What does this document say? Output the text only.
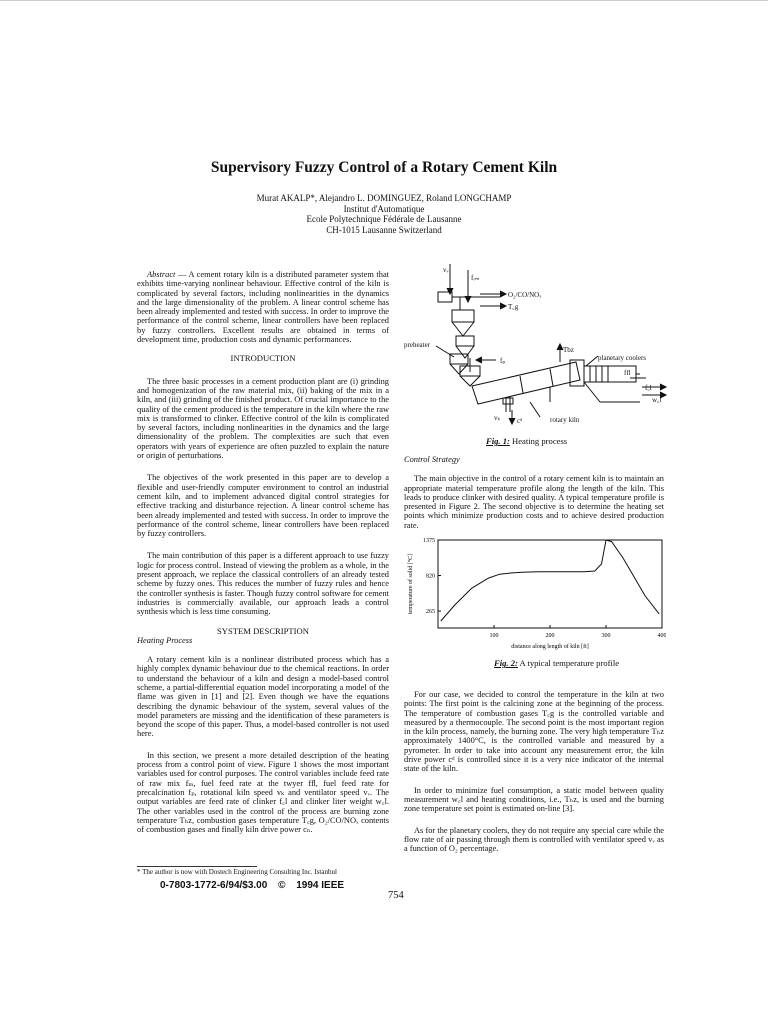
Supervisory Fuzzy Control of a Rotary Cement Kiln
Murat AKALP*, Alejandro L. DOMINGUEZ, Roland LONGCHAMP
Institut d'Automatique
Ecole Polytechnique Fédérale de Lausanne
CH-1015 Lausanne Switzerland

Abstract — A cement rotary kiln is a distributed parameter system that exhibits time-varying nonlinear behaviour. Effective control of the kiln is complicated by several factors, including nonlinearities in the dynamics and the large dimensionality of the problem. A linear control scheme has been already implemented and tested with success. In order to improve the performance of the control scheme, linear controllers have been replaced by fuzzy controllers. Excellent results are obtained in terms of development time, production costs and dynamic performances.

INTRODUCTION

The three basic processes in a cement production plant are (i) grinding and homogenization of the raw material mix, (ii) baking of the mix in a kiln, and (iii) grinding of the finished product. Of crucial importance to the quality of the cement produced is the temperature in the kiln where the raw mix is transformed to clinker. Effective control of the kiln is complicated by several factors, including nonlinearities in the dynamics and the large dimensionality of the problem. The complexities are such that even operators with years of experience are often puzzled to explain the nature or origin of perturbations.

The objectives of the work presented in this paper are to develop a flexible and user-friendly computer environment to control an industrial cement kiln, and to implement advanced digital control strategies for effective tracking and disturbance rejection. A linear control scheme has been already implemented and tested with success. In order to improve the performance of the control scheme, linear controllers have been replaced by fuzzy controllers.

The main contribution of this paper is a different approach to use fuzzy logic for process control. Instead of viewing the problem as a whole, in the present approach, we replace the classical controllers of an already tested scheme by fuzzy ones. This reduces the number of fuzzy rules and hence the controller synthesis is faster. Though fuzzy control software for cement industries is commercially available, our approach leads a control synthesis which is less time consuming.

SYSTEM DESCRIPTION
Heating Process

A rotary cement kiln is a nonlinear distributed process which has a highly complex dynamic behaviour due to the chemical reactions. In order to understand the behaviour of a kiln and design a model-based control scheme, a partial-differential equation model incorporating a model of the flame was given in [1] and [2]. Even though we have the equations describing the dynamic behaviour of the system, several values of the model parameters are missing and the identification of these parameters is beyond the scope of this paper. Thus, a model-based controller is not used here.

In this section, we present a more detailed description of the heating process from a control point of view. Figure 1 shows the most important variables used for control purposes. The control variables include feed rate of raw mix fₘ, fuel feed rate at the twyer fﬂ, fuel feed rate for precalcination fₚ, rotational kiln speed vₖ and ventilator speed vᵥ. The output variables are feed rate of clinker f꜀l and clinker liter weight w꜀l. The other variables used in the control of the process are burning zone temperature Tₕz, combustion gases temperature T꜀g, O₂/CO/NOₓ contents of combustion gases and finally kiln drive power cₙ.

* The author is now with Dostech Engineering Consulting Inc. Istanbul
0-7803-1772-6/94/$3.00 © 1994 IEEE
754
vᵥ
fᵣₘ
O₂/CO/NOₓ
T꜀g
preheater
Tbz
fₚ	planetary coolers
fﬂ
f꜀l
w꜀l
vₖ cᵈ	rotary kiln
Fig. 1: Heating process
Control Strategy

The main objective in the control of a rotary cement kiln is to maintain an appropriate material temperature profile along the length of the kiln. This leads to produce clinker with desired quality. A typical temperature profile is presented in Figure 2. The second objective is to determine the heating set points which minimize production costs and to achieve desired production rate.

265
820
1375
100	200	300	400
temperature of solid [°C]
distance along length of kiln [ft]
Fig. 2: A typical temperature profile

For our case, we decided to control the temperature in the kiln at two points: The first point is the calcining zone at the beginning of the process. The temperature of combustion gases T꜀g is the controlled variable and measured by a thermocouple. The second point is the most important region in the kiln process, namely, the burning zone. The very high temperature Tₕz approximately 1400°C, is the controlled variable and measured by a pyrometer. In order to take into account any measurement error, the kiln drive power cᵈ is controlled since it is a very nice indicator of the internal state of the kiln.

In order to minimize fuel consumption, a static model between quality measurement w꜀l and heating conditions, i.e., Tₕz, is used and the burning zone temperature set point is estimated on-line [3].

As for the planetary coolers, they do not require any special care while the flow rate of air passing through them is controlled with ventilator speed vᵥ as a function of O₂ percentage.
